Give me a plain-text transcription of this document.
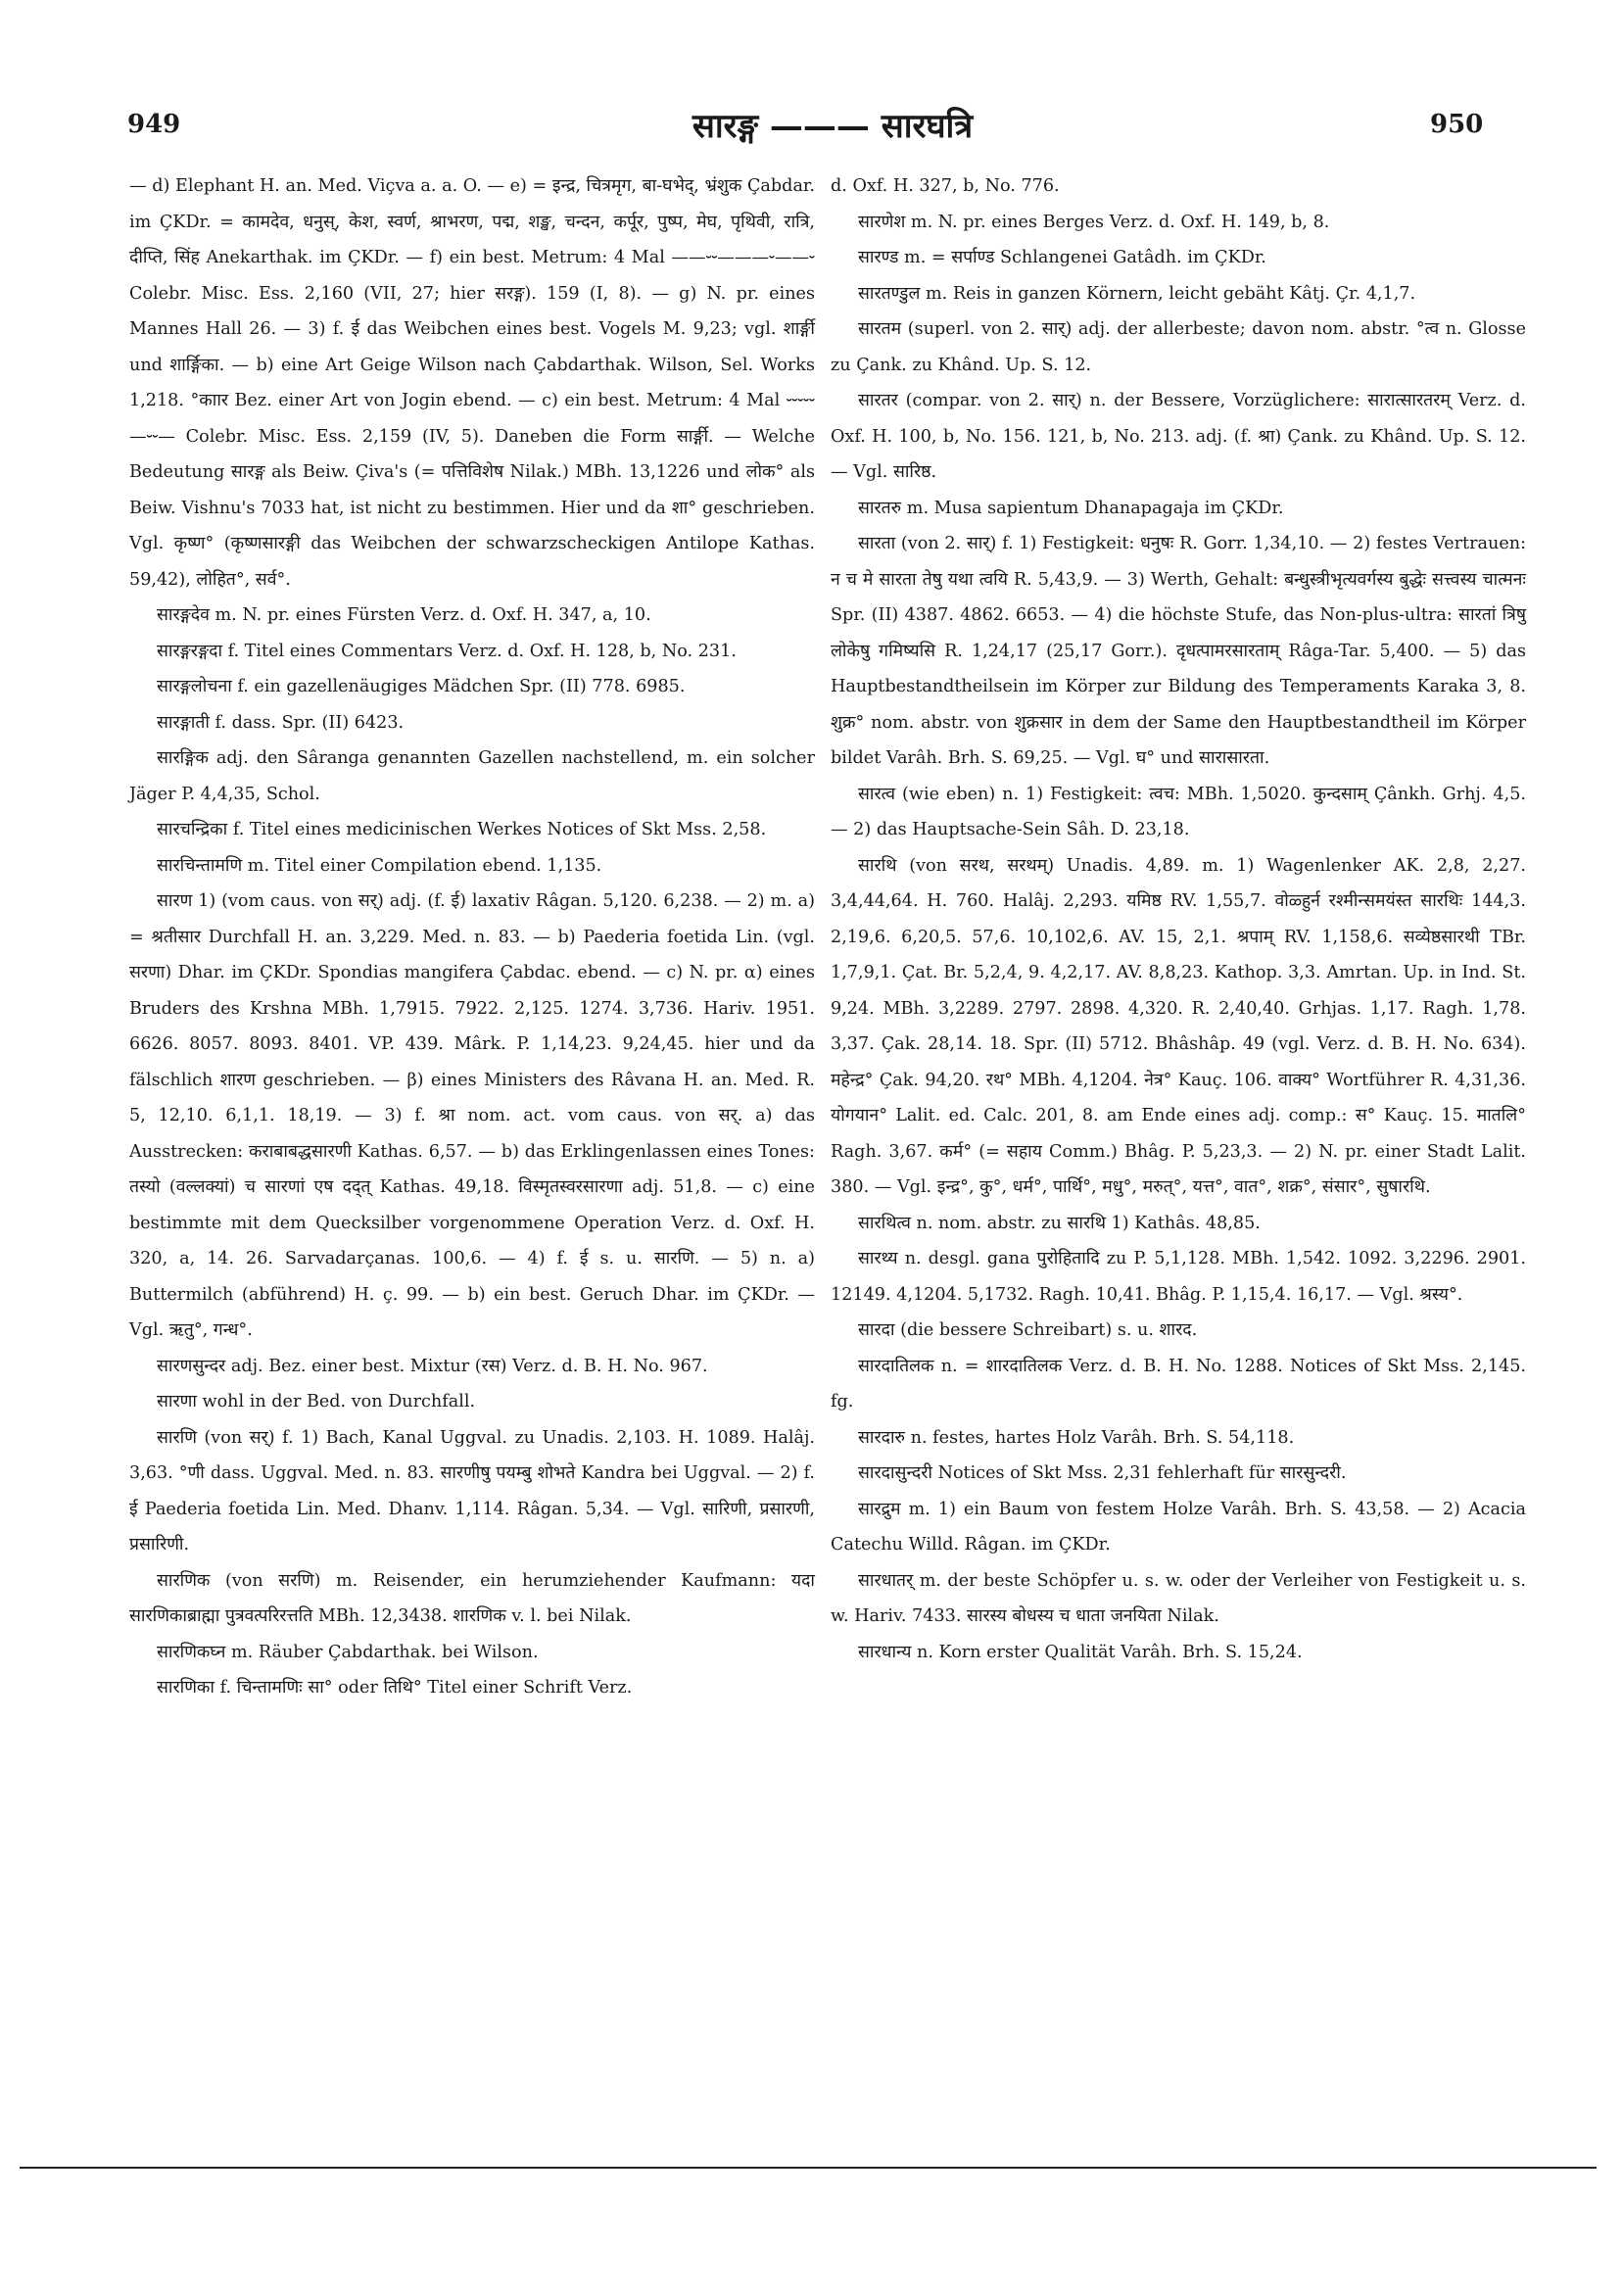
949	सारङ्ग ——— सारघत्रि	950

— d) Elephant H. an. Med. Viçva a. a. O. — e) = इन्द्र, चित्रमृग, बा-घभेद्, भ्रंशुक Çabdar. im ÇKDr. = कामदेव, धनुस्, केश, स्वर्ण, श्राभरण, पद्म, शङ्ख, चन्दन, कर्पूर, पुष्प, मेघ, पृथिवी, रात्रि, दीप्ति, सिंह Anekarthak. im ÇKDr. — f) ein best. Metrum: 4 Mal ——⏑⏑———⏑——⏑ Colebr. Misc. Ess. 2,160 (VII, 27; hier सरङ्ग). 159 (I, 8). — g) N. pr. eines Mannes Hall 26. — 3) f. ई das Weibchen eines best. Vogels M. 9,23; vgl. शार्ङ्गी und शार्ङ्गिका. — b) eine Art Geige Wilson nach Çabdarthak. Wilson, Sel. Works 1,218. °काार Bez. einer Art von Jogin ebend. — c) ein best. Metrum: 4 Mal ⏑⏑⏑⏑⏑—⏑⏑— Colebr. Misc. Ess. 2,159 (IV, 5). Daneben die Form सार्ङ्गी. — Welche Bedeutung सारङ्ग als Beiw. Çiva's (= पत्तिविशेष Nilak.) MBh. 13,1226 und लोक° als Beiw. Vishnu's 7033 hat, ist nicht zu bestimmen. Hier und da शा° geschrieben. Vgl. कृष्ण° (कृष्णसारङ्गी das Weibchen der schwarzscheckigen Antilope Kathas. 59,42), लोहित°, सर्व°.

सारङ्गदेव m. N. pr. eines Fürsten Verz. d. Oxf. H. 347, a, 10.

सारङ्गरङ्गदा f. Titel eines Commentars Verz. d. Oxf. H. 128, b, No. 231.

सारङ्गलोचना f. ein gazellenäugiges Mädchen Spr. (II) 778. 6985.

सारङ्गाती f. dass. Spr. (II) 6423.

सारङ्गिक adj. den Sâranga genannten Gazellen nachstellend, m. ein solcher Jäger P. 4,4,35, Schol.

सारचन्द्रिका f. Titel eines medicinischen Werkes Notices of Skt Mss. 2,58.

सारचिन्तामणि m. Titel einer Compilation ebend. 1,135.

सारण 1) (vom caus. von सर्) adj. (f. ई) laxativ Râgan. 5,120. 6,238. — 2) m. a) = श्रतीसार Durchfall H. an. 3,229. Med. n. 83. — b) Paederia foetida Lin. (vgl. सरणा) Dhar. im ÇKDr. Spondias mangifera Çabdac. ebend. — c) N. pr. α) eines Bruders des Krshna MBh. 1,7915. 7922. 2,125. 1274. 3,736. Hariv. 1951. 6626. 8057. 8093. 8401. VP. 439. Mârk. P. 1,14,23. 9,24,45. hier und da fälschlich शारण geschrieben. — β) eines Ministers des Râvana H. an. Med. R. 5, 12,10. 6,1,1. 18,19. — 3) f. श्रा nom. act. vom caus. von सर्. a) das Ausstrecken: कराबाबद्धसारणी Kathas. 6,57. — b) das Erklingenlassen eines Tones: तस्यो (वल्लक्यां) च सारणां एष दद्त् Kathas. 49,18. विस्मृतस्वरसारणा adj. 51,8. — c) eine bestimmte mit dem Quecksilber vorgenommene Operation Verz. d. Oxf. H. 320, a, 14. 26. Sarvadarçanas. 100,6. — 4) f. ई s. u. सारणि. — 5) n. a) Buttermilch (abführend) H. ç. 99. — b) ein best. Geruch Dhar. im ÇKDr. — Vgl. ऋतु°, गन्ध°.

सारणसुन्दर adj. Bez. einer best. Mixtur (रस) Verz. d. B. H. No. 967.

सारणा wohl in der Bed. von Durchfall.

सारणि (von सर्) f. 1) Bach, Kanal Uggval. zu Unadis. 2,103. H. 1089. Halâj. 3,63. °णी dass. Uggval. Med. n. 83. सारणीषु पयम्बु शोभते Kandra bei Uggval. — 2) f. ई Paederia foetida Lin. Med. Dhanv. 1,114. Râgan. 5,34. — Vgl. सारिणी, प्रसारणी, प्रसारिणी.

सारणिक (von सरणि) m. Reisender, ein herumziehender Kaufmann: यदा सारणिकाब्राह्मा पुत्रवत्परिरत्तति MBh. 12,3438. शारणिक v. l. bei Nilak.

सारणिकघ्न m. Räuber Çabdarthak. bei Wilson.

सारणिका f. चिन्तामणिः सा° oder तिथि° Titel einer Schrift Verz.

d. Oxf. H. 327, b, No. 776.

सारणेश m. N. pr. eines Berges Verz. d. Oxf. H. 149, b, 8.

सारण्ड m. = सर्पाण्ड Schlangenei Gatâdh. im ÇKDr.

सारतण्डुल m. Reis in ganzen Körnern, leicht gebäht Kâtj. Çr. 4,1,7.

सारतम (superl. von 2. सार्) adj. der allerbeste; davon nom. abstr. °त्व n. Glosse zu Çank. zu Khând. Up. S. 12.

सारतर (compar. von 2. सार्) n. der Bessere, Vorzüglichere: सारात्सारतरम् Verz. d. Oxf. H. 100, b, No. 156. 121, b, No. 213. adj. (f. श्रा) Çank. zu Khând. Up. S. 12. — Vgl. सारिष्ठ.

सारतरु m. Musa sapientum Dhanapagaja im ÇKDr.

सारता (von 2. सार्) f. 1) Festigkeit: धनुषः R. Gorr. 1,34,10. — 2) festes Vertrauen: न च मे सारता तेषु यथा त्वयि R. 5,43,9. — 3) Werth, Gehalt: बन्धुस्त्रीभृत्यवर्गस्य बुद्धेः सत्त्वस्य चात्मनः Spr. (II) 4387. 4862. 6653. — 4) die höchste Stufe, das Non-plus-ultra: सारतां त्रिषु लोकेषु गमिष्यसि R. 1,24,17 (25,17 Gorr.). दृधत्पामरसारताम् Râga-Tar. 5,400. — 5) das Hauptbestandtheilsein im Körper zur Bildung des Temperaments Karaka 3, 8. शुक्र° nom. abstr. von शुक्रसार in dem der Same den Hauptbestandtheil im Körper bildet Varâh. Brh. S. 69,25. — Vgl. घ° und सारासारता.

सारत्व (wie eben) n. 1) Festigkeit: त्वच: MBh. 1,5020. कुन्दसाम् Çânkh. Grhj. 4,5. — 2) das Hauptsache-Sein Sâh. D. 23,18.

सारथि (von सरथ, सरथम्) Unadis. 4,89. m. 1) Wagenlenker AK. 2,8, 2,27. 3,4,44,64. H. 760. Halâj. 2,293. यमिष्ठ RV. 1,55,7. वोळ्हुर्न रश्मीन्समयंस्त सारथिः 144,3. 2,19,6. 6,20,5. 57,6. 10,102,6. AV. 15, 2,1. श्रपाम् RV. 1,158,6. सव्येष्ठसारथी TBr. 1,7,9,1. Çat. Br. 5,2,4, 9. 4,2,17. AV. 8,8,23. Kathop. 3,3. Amrtan. Up. in Ind. St. 9,24. MBh. 3,2289. 2797. 2898. 4,320. R. 2,40,40. Grhjas. 1,17. Ragh. 1,78. 3,37. Çak. 28,14. 18. Spr. (II) 5712. Bhâshâp. 49 (vgl. Verz. d. B. H. No. 634). महेन्द्र° Çak. 94,20. रथ° MBh. 4,1204. नेत्र° Kauç. 106. वाक्य° Wortführer R. 4,31,36. योगयान° Lalit. ed. Calc. 201, 8. am Ende eines adj. comp.: स° Kauç. 15. मातलि° Ragh. 3,67. कर्म° (= सहाय Comm.) Bhâg. P. 5,23,3. — 2) N. pr. einer Stadt Lalit. 380. — Vgl. इन्द्र°, कु°, धर्म°, पार्थि°, मधु°, मरुत्°, यत्त°, वात°, शक्र°, संसार°, सुषारथि.

सारथित्व n. nom. abstr. zu सारथि 1) Kathâs. 48,85.

सारथ्य n. desgl. gana पुरोहितादि zu P. 5,1,128. MBh. 1,542. 1092. 3,2296. 2901. 12149. 4,1204. 5,1732. Ragh. 10,41. Bhâg. P. 1,15,4. 16,17. — Vgl. श्रस्य°.

सारदा (die bessere Schreibart) s. u. शारद.

सारदातिलक n. = शारदातिलक Verz. d. B. H. No. 1288. Notices of Skt Mss. 2,145. fg.

सारदारु n. festes, hartes Holz Varâh. Brh. S. 54,118.

सारदासुन्दरी Notices of Skt Mss. 2,31 fehlerhaft für सारसुन्दरी.

सारद्रुम m. 1) ein Baum von festem Holze Varâh. Brh. S. 43,58. — 2) Acacia Catechu Willd. Râgan. im ÇKDr.

सारधातर् m. der beste Schöpfer u. s. w. oder der Verleiher von Festigkeit u. s. w. Hariv. 7433. सारस्य बोधस्य च धाता जनयिता Nilak.

सारधान्य n. Korn erster Qualität Varâh. Brh. S. 15,24.
